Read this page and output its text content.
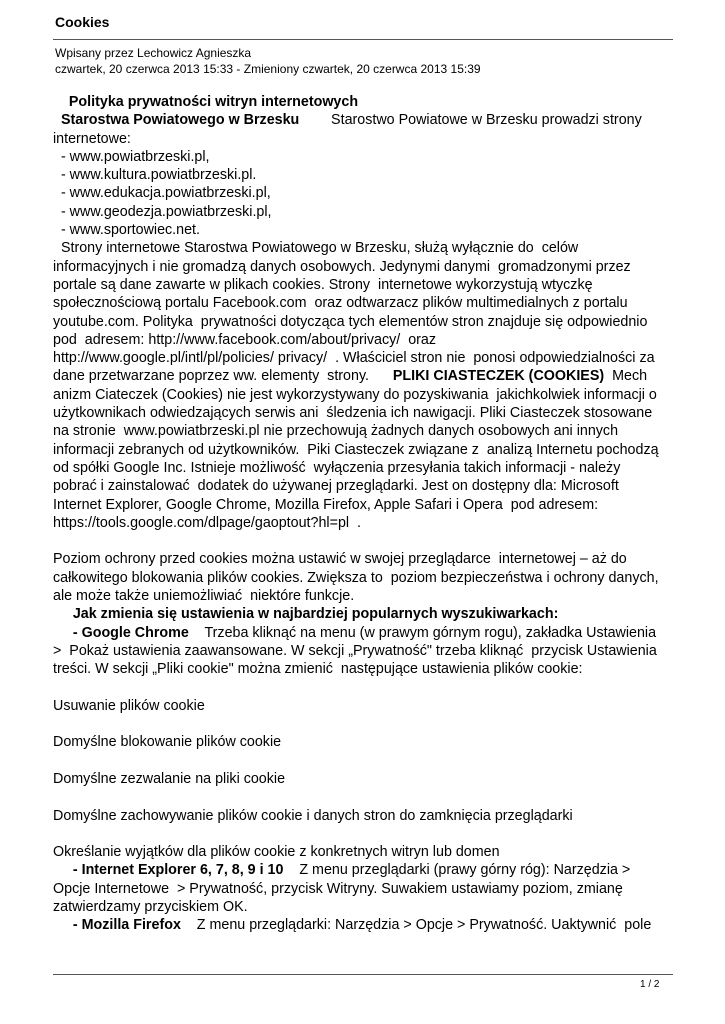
Cookies
Wpisany przez Lechowicz Agnieszka
czwartek, 20 czerwca 2013 15:33 - Zmieniony czwartek, 20 czerwca 2013 15:39
Polityka prywatności witryn internetowych
Starostwa Powiatowego w Brzesku        Starostwo Powiatowe w Brzesku prowadzi strony
internetowe:
- www.powiatbrzeski.pl,
- www.kultura.powiatbrzeski.pl.
- www.edukacja.powiatbrzeski.pl,
- www.geodezja.powiatbrzeski.pl,
- www.sportowiec.net.
Strony internetowe Starostwa Powiatowego w Brzesku, służą wyłącznie do  celów
informacyjnych i nie gromadzą danych osobowych. Jedynymi danymi  gromadzonymi przez
portale są dane zawarte w plikach cookies. Strony  internetowe wykorzystują wtyczkę
społecznościową portalu Facebook.com  oraz odtwarzacz plików multimedialnych z portalu
youtube.com. Polityka  prywatności dotycząca tych elementów stron znajduje się odpowiednio
pod  adresem: http://www.facebook.com/about/privacy/  oraz
http://www.google.pl/intl/pl/policies/ privacy/  . Właściciel stron nie  ponosi odpowiedzialności za
dane przetwarzane poprzez ww. elementy  strony.      PLIKI CIASTECZEK (COOKIES)  Mech
anizm Ciateczek (Cookies) nie jest wykorzystywany do pozyskiwania  jakichkolwiek informacji o
użytkownikach odwiedzających serwis ani  śledzenia ich nawigacji. Pliki Ciasteczek stosowane
na stronie  www.powiatbrzeski.pl nie przechowują żadnych danych osobowych ani innych
informacji zebranych od użytkowników.  Piki Ciasteczek związane z  analizą Internetu pochodzą
od spółki Google Inc. Istnieje możliwość  wyłączenia przesyłania takich informacji - należy
pobrać i zainstalować  dodatek do używanej przeglądarki. Jest on dostępny dla: Microsoft
Internet Explorer, Google Chrome, Mozilla Firefox, Apple Safari i Opera  pod adresem:
https://tools.google.com/dlpage/gaoptout?hl=pl  .
Poziom ochrony przed cookies można ustawić w swojej przeglądarce  internetowej – aż do
całkowitego blokowania plików cookies. Zwiększa to  poziom bezpieczeństwa i ochrony danych,
ale może także uniemożliwiać  niektóre funkcje.
Jak zmienia się ustawienia w najbardziej popularnych wyszukiwarkach:
- Google Chrome    Trzeba kliknąć na menu (w prawym górnym rogu), zakładka Ustawienia
>  Pokaż ustawienia zaawansowane. W sekcji „Prywatność" trzeba kliknąć  przycisk Ustawienia
treści. W sekcji „Pliki cookie" można zmienić  następujące ustawienia plików cookie:
Usuwanie plików cookie
Domyślne blokowanie plików cookie
Domyślne zezwalanie na pliki cookie
Domyślne zachowywanie plików cookie i danych stron do zamknięcia przeglądarki
Określanie wyjątków dla plików cookie z konkretnych witryn lub domen
- Internet Explorer 6, 7, 8, 9 i 10    Z menu przeglądarki (prawy górny róg): Narzędzia >
Opcje Internetowe  > Prywatność, przycisk Witryny. Suwakiem ustawiamy poziom, zmianę
zatwierdzamy przyciskiem OK.
- Mozilla Firefox    Z menu przeglądarki: Narzędzia > Opcje > Prywatność. Uaktywnić  pole
1 / 2
